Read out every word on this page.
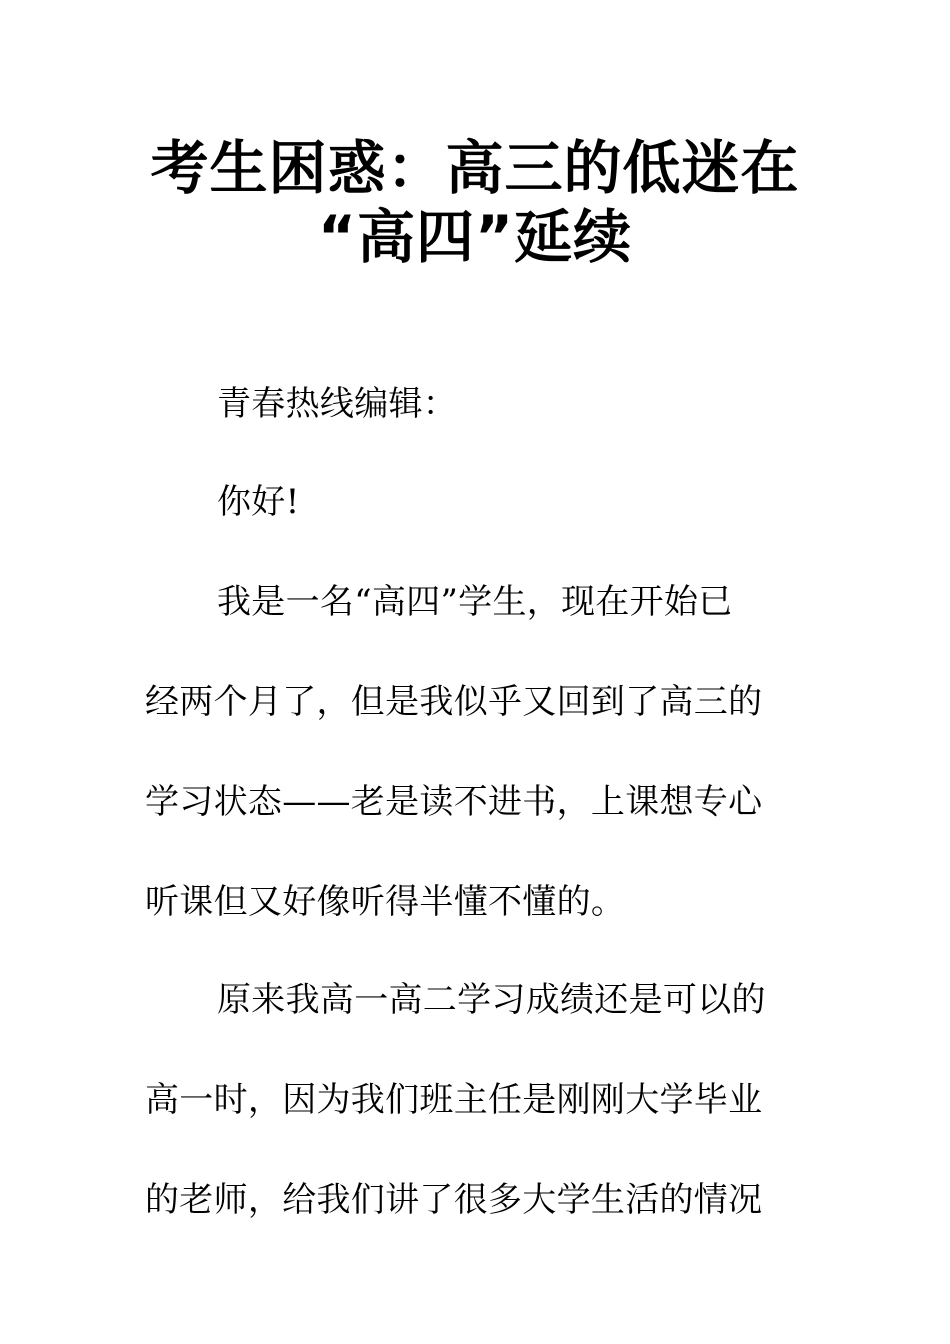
考生困惑：高三的低迷在
“高四”延续
青春热线编辑：
你好!
我是一名“高四”学生，现在开始已
经两个月了，但是我似乎又回到了高三的
学习状态——老是读不进书，上课想专心
听课但又好像听得半懂不懂的。
原来我高一高二学习成绩还是可以的
高一时，因为我们班主任是刚刚大学毕业
的老师，给我们讲了很多大学生活的情况
